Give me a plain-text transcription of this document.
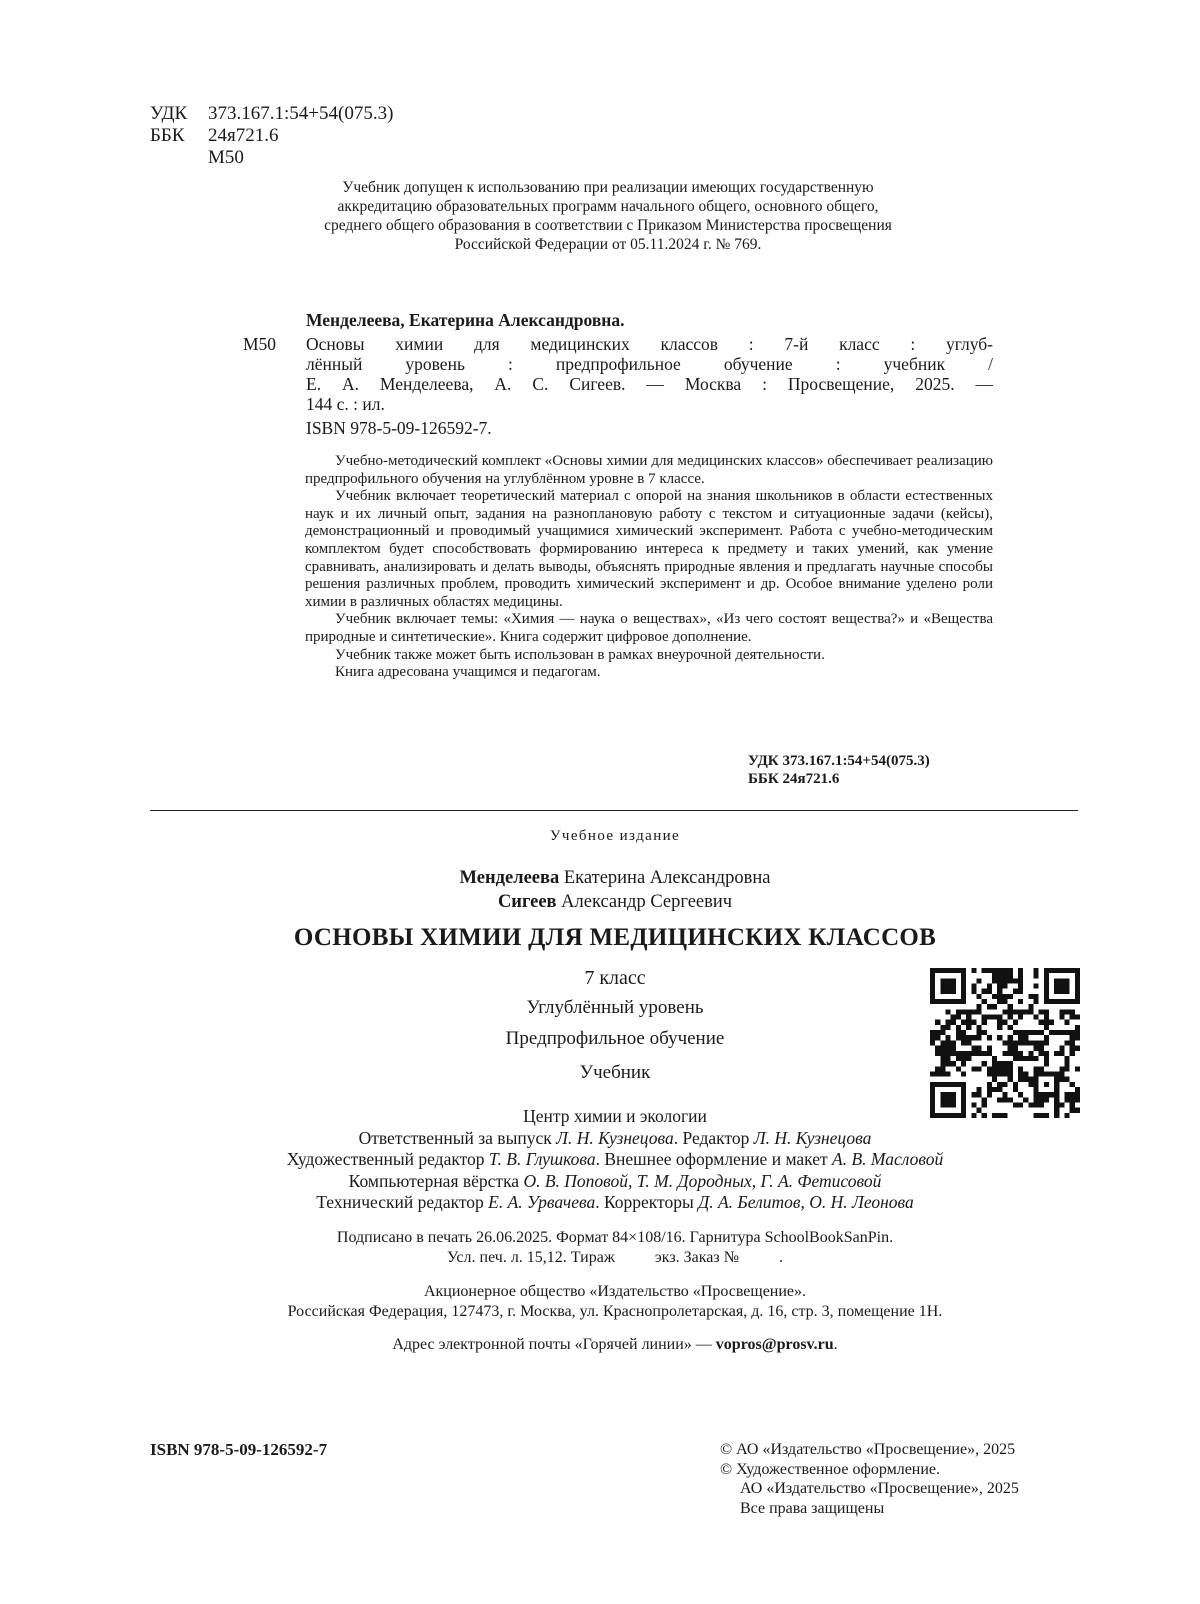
УДК 373.167.1:54+54(075.3)
ББК 24я721.6
М50
Учебник допущен к использованию при реализации имеющих государственную
аккредитацию образовательных программ начального общего, основного общего,
среднего общего образования в соответствии с Приказом Министерства просвещения
Российской Федерации от 05.11.2024 г. № 769.
Менделеева, Екатерина Александровна.
М50	Основы химии для медицинских классов : 7-й класс : углуб-
лённый уровень : предпрофильное обучение : учебник /
Е. А. Менделеева, А. С. Сигеев. — Москва : Просвещение, 2025. —
144 с. : ил.
ISBN 978-5-09-126592-7.

Учебно-методический комплект «Основы химии для медицинских классов» обеспечивает реализацию предпрофильного обучения на углублённом уровне в 7 классе.

Учебник включает теоретический материал с опорой на знания школьников в области естественных наук и их личный опыт, задания на разноплановую работу с текстом и ситуационные задачи (кейсы), демонстрационный и проводимый учащимися химический эксперимент. Работа с учебно-методическим комплектом будет способствовать формированию интереса к предмету и таких умений, как умение сравнивать, анализировать и делать выводы, объяснять природные явления и предлагать научные способы решения различных проблем, проводить химический эксперимент и др. Особое внимание уделено роли химии в различных областях медицины.

Учебник включает темы: «Химия — наука о веществах», «Из чего состоят вещества?» и «Вещества природные и синтетические». Книга содержит цифровое дополнение.

Учебник также может быть использован в рамках внеурочной деятельности.

Книга адресована учащимся и педагогам.

УДК 373.167.1:54+54(075.3)
ББК 24я721.6
Учебное издание
Менделеева Екатерина Александровна
Сигеев Александр Сергеевич
ОСНОВЫ ХИМИИ ДЛЯ МЕДИЦИНСКИХ КЛАССОВ
7 класс
Углублённый уровень
Предпрофильное обучение
Учебник
Центр химии и экологии
Ответственный за выпуск Л. Н. Кузнецова. Редактор Л. Н. Кузнецова
Художественный редактор Т. В. Глушкова. Внешнее оформление и макет А. В. Масловой
Компьютерная вёрстка О. В. Поповой, Т. М. Дородных, Г. А. Фетисовой
Технический редактор Е. А. Урвачева. Корректоры Д. А. Белитов, О. Н. Леонова
Подписано в печать 26.06.2025. Формат 84×108/16. Гарнитура SchoolBookSanPin.
Усл. печ. л. 15,12. Тираж          экз. Заказ №          .
Акционерное общество «Издательство «Просвещение».
Российская Федерация, 127473, г. Москва, ул. Краснопролетарская, д. 16, стр. 3, помещение 1Н.
Адрес электронной почты «Горячей линии» — vopros@prosv.ru.
ISBN 978-5-09-126592-7	© АО «Издательство «Просвещение», 2025
© Художественное оформление.
АО «Издательство «Просвещение», 2025
Все права защищены
